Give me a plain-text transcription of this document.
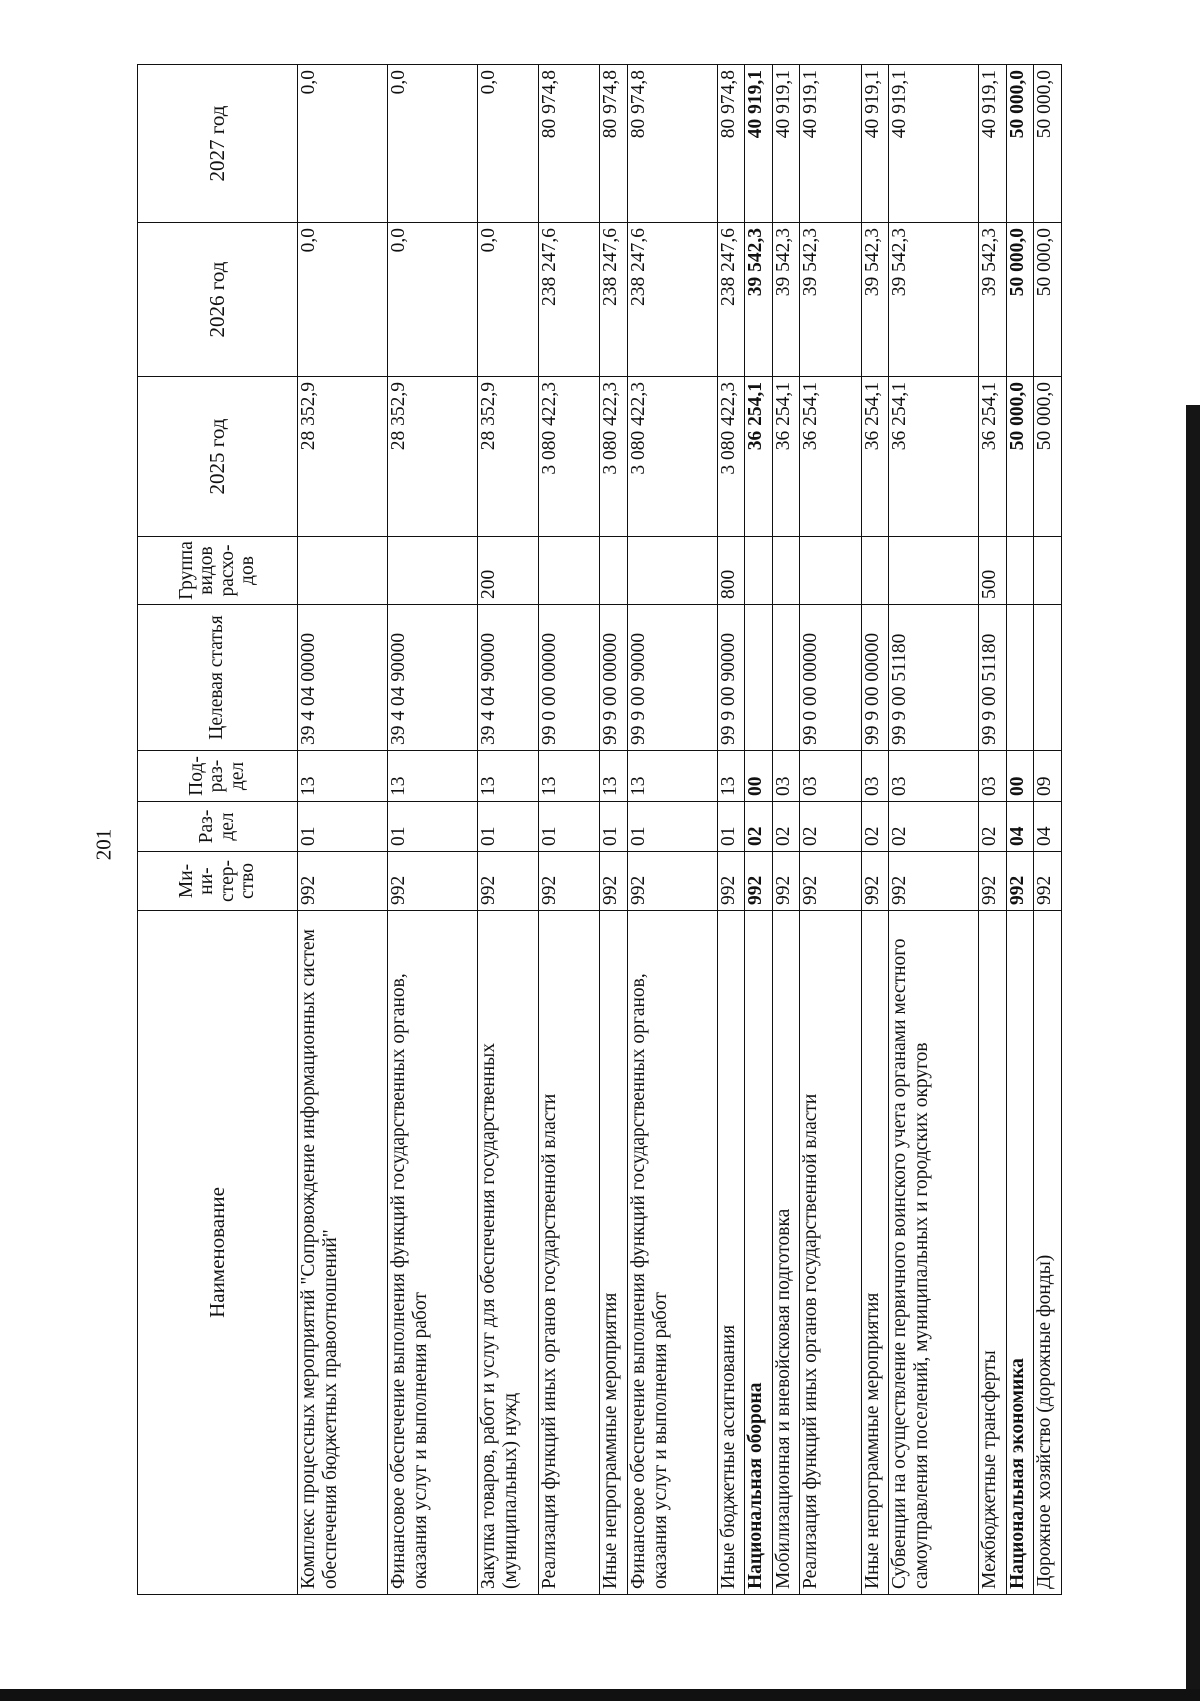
201
Наименование	Ми-ни-стер-ство	Раз-дел	Под-раз-дел	Целевая статья	Группа видов расхо-дов	2025 год	2026 год	2027 год
Комплекс процессных мероприятий "Сопровождение информационных систем обеспечения бюджетных правоотношений"	992	01	13	39 4 04 00000		28 352,9	0,0	0,0
Финансовое обеспечение выполнения функций государственных органов, оказания услуг и выполнения работ	992	01	13	39 4 04 90000		28 352,9	0,0	0,0
Закупка товаров, работ и услуг для обеспечения государственных (муниципальных) нужд	992	01	13	39 4 04 90000	200	28 352,9	0,0	0,0
Реализация функций иных органов государственной власти	992	01	13	99 0 00 00000		3 080 422,3	238 247,6	80 974,8
Иные непрограммные мероприятия	992	01	13	99 9 00 00000		3 080 422,3	238 247,6	80 974,8
Финансовое обеспечение выполнения функций государственных органов, оказания услуг и выполнения работ	992	01	13	99 9 00 90000		3 080 422,3	238 247,6	80 974,8
Иные бюджетные ассигнования	992	01	13	99 9 00 90000	800	3 080 422,3	238 247,6	80 974,8
Национальная оборона	992	02	00			36 254,1	39 542,3	40 919,1
Мобилизационная и вневойсковая подготовка	992	02	03			36 254,1	39 542,3	40 919,1
Реализация функций иных органов государственной власти	992	02	03	99 0 00 00000		36 254,1	39 542,3	40 919,1
Иные непрограммные мероприятия	992	02	03	99 9 00 00000		36 254,1	39 542,3	40 919,1
Субвенции на осуществление первичного воинского учета органами местного самоуправления поселений, муниципальных и городских округов	992	02	03	99 9 00 51180		36 254,1	39 542,3	40 919,1
Межбюджетные трансферты	992	02	03	99 9 00 51180	500	36 254,1	39 542,3	40 919,1
Национальная экономика	992	04	00			50 000,0	50 000,0	50 000,0
Дорожное хозяйство (дорожные фонды)	992	04	09			50 000,0	50 000,0	50 000,0
